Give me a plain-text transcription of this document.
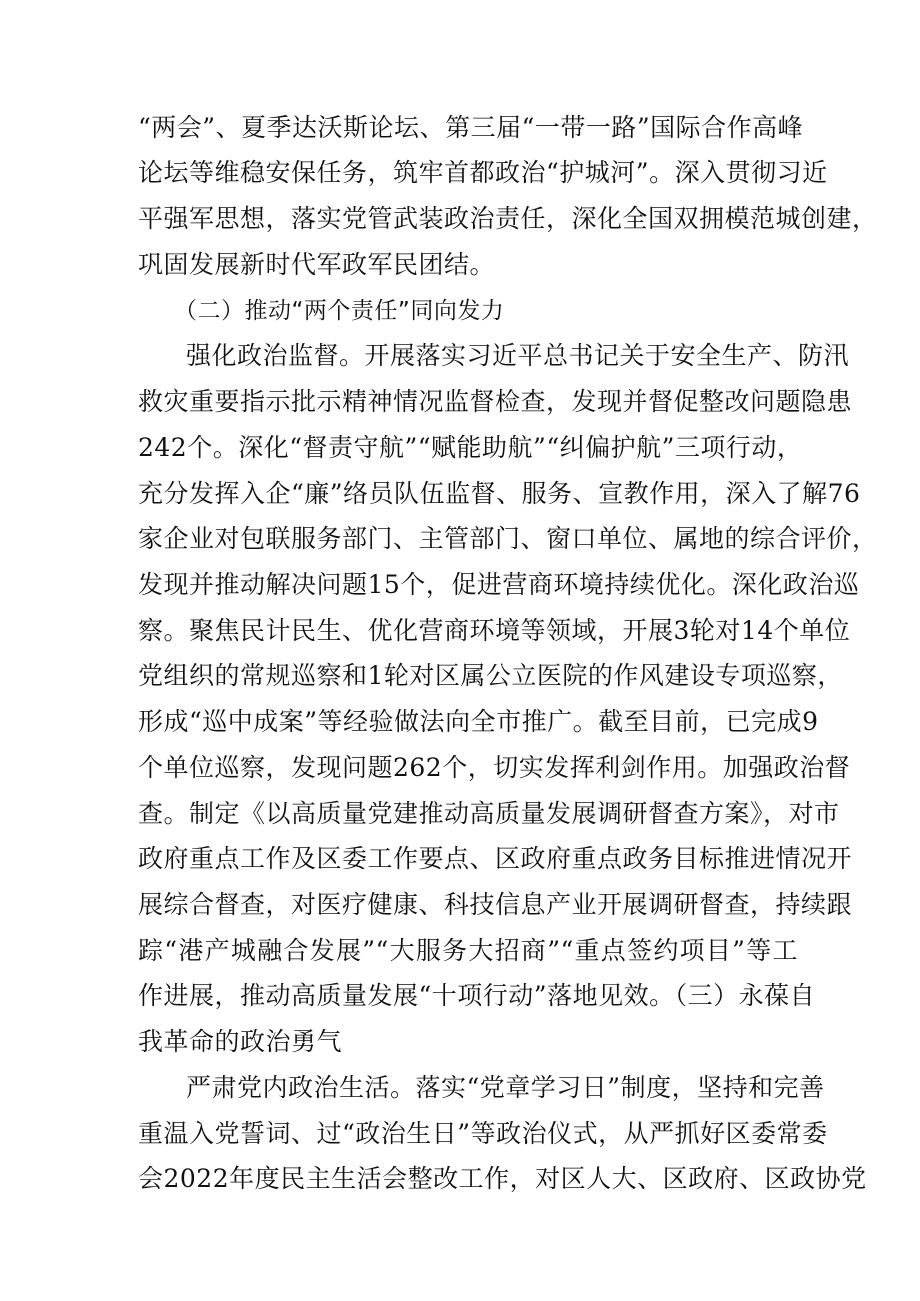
“两会”、夏季达沃斯论坛、第三届“一带一路”国际合作高峰
论坛等维稳安保任务，筑牢首都政治“护城河”。深入贯彻习近
平强军思想，落实党管武装政治责任，深化全国双拥模范城创建，
巩固发展新时代军政军民团结。
（二）推动“两个责任”同向发力
强化政治监督。开展落实习近平总书记关于安全生产、防汛
救灾重要指示批示精神情况监督检查，发现并督促整改问题隐患
242个。深化“督责守航”“赋能助航”“纠偏护航”三项行动，
充分发挥入企“廉”络员队伍监督、服务、宣教作用，深入了解76
家企业对包联服务部门、主管部门、窗口单位、属地的综合评价，
发现并推动解决问题15个，促进营商环境持续优化。深化政治巡
察。聚焦民计民生、优化营商环境等领域，开展3轮对14个单位
党组织的常规巡察和1轮对区属公立医院的作风建设专项巡察，
形成“巡中成案”等经验做法向全市推广。截至目前，已完成9
个单位巡察，发现问题262个，切实发挥利剑作用。加强政治督
查。制定《以高质量党建推动高质量发展调研督查方案》，对市
政府重点工作及区委工作要点、区政府重点政务目标推进情况开
展综合督查，对医疗健康、科技信息产业开展调研督查，持续跟
踪“港产城融合发展”“大服务大招商”“重点签约项目”等工
作进展，推动高质量发展“十项行动”落地见效。（三）永葆自
我革命的政治勇气
严肃党内政治生活。落实“党章学习日”制度，坚持和完善
重温入党誓词、过“政治生日”等政治仪式，从严抓好区委常委
会2022年度民主生活会整改工作，对区人大、区政府、区政协党
